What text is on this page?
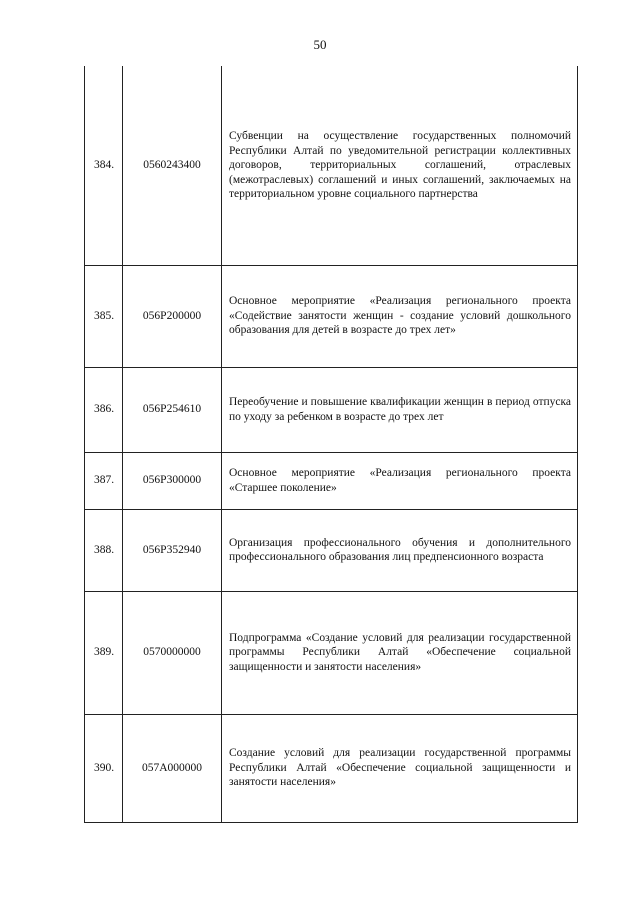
50
384.	0560243400	Субвенции на осуществление государственных полномочий Республики Алтай по уведомительной регистрации коллективных договоров, территориальных соглашений, отраслевых (межотраслевых) соглашений и иных соглашений, заключаемых на территориальном уровне социального партнерства
385.	056P200000	Основное мероприятие «Реализация регионального проекта «Содействие занятости женщин - создание условий дошкольного образования для детей в возрасте до трех лет»
386.	056P254610	Переобучение и повышение квалификации женщин в период отпуска по уходу за ребенком в возрасте до трех лет
387.	056P300000	Основное мероприятие «Реализация регионального проекта «Старшее поколение»
388.	056P352940	Организация профессионального обучения и дополнительного профессионального образования лиц предпенсионного возраста
389.	0570000000	Подпрограмма «Создание условий для реализации государственной программы Республики Алтай «Обеспечение социальной защищенности и занятости населения»
390.	057A000000	Создание условий для реализации государственной программы Республики Алтай «Обеспечение социальной защищенности и занятости населения»
